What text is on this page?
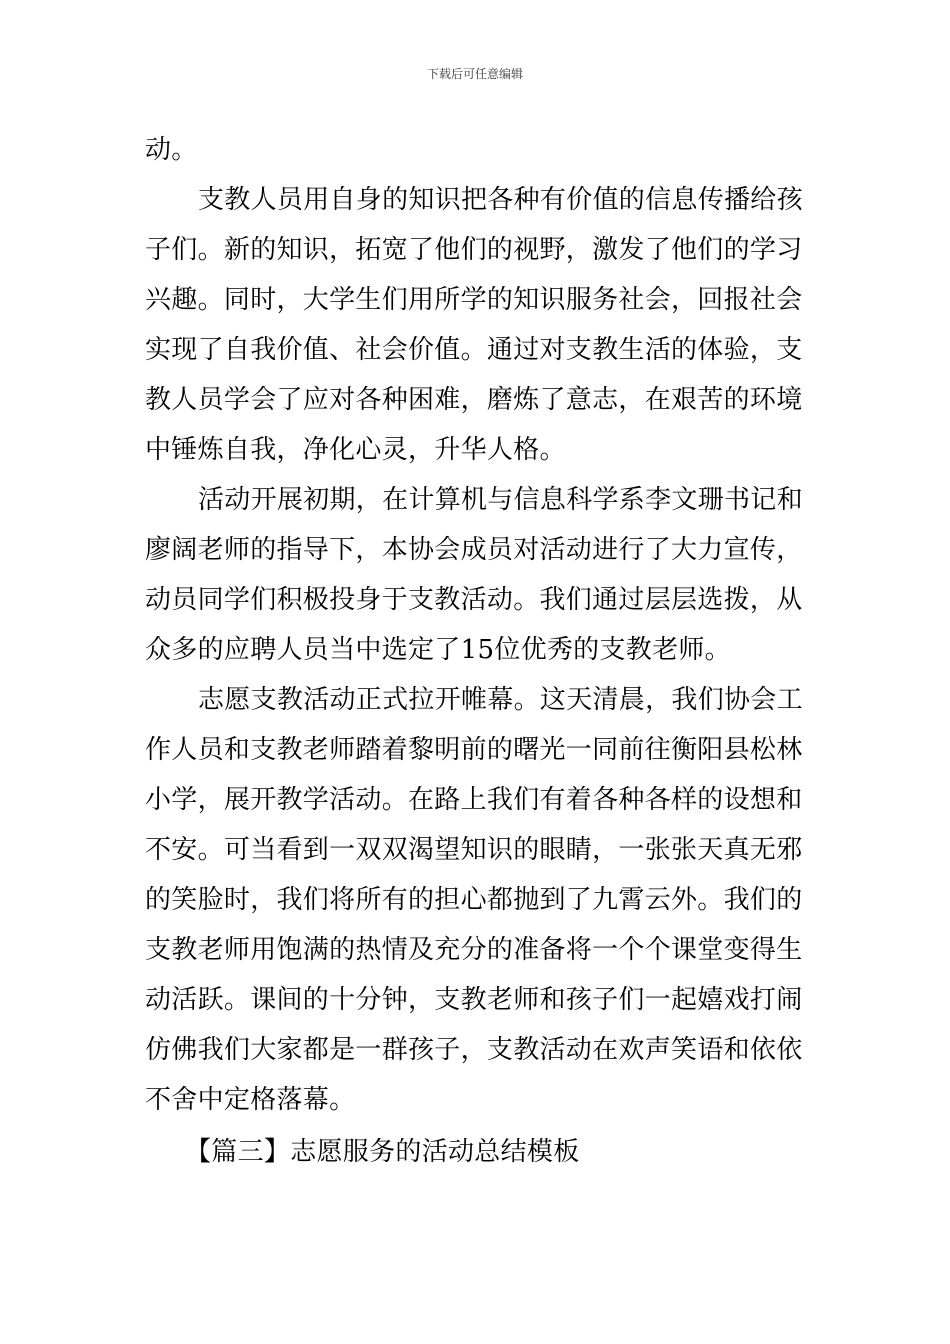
下载后可任意编辑
动。
支教人员用自身的知识把各种有价值的信息传播给孩
子们。新的知识，拓宽了他们的视野，激发了他们的学习
兴趣。同时，大学生们用所学的知识服务社会，回报社会
实现了自我价值、社会价值。通过对支教生活的体验，支
教人员学会了应对各种困难，磨炼了意志，在艰苦的环境
中锤炼自我，净化心灵，升华人格。
活动开展初期，在计算机与信息科学系李文珊书记和
廖阔老师的指导下，本协会成员对活动进行了大力宣传，
动员同学们积极投身于支教活动。我们通过层层选拨，从
众多的应聘人员当中选定了15位优秀的支教老师。
志愿支教活动正式拉开帷幕。这天清晨，我们协会工
作人员和支教老师踏着黎明前的曙光一同前往衡阳县松林
小学，展开教学活动。在路上我们有着各种各样的设想和
不安。可当看到一双双渴望知识的眼睛，一张张天真无邪
的笑脸时，我们将所有的担心都抛到了九霄云外。我们的
支教老师用饱满的热情及充分的准备将一个个课堂变得生
动活跃。课间的十分钟，支教老师和孩子们一起嬉戏打闹
仿佛我们大家都是一群孩子，支教活动在欢声笑语和依依
不舍中定格落幕。
【篇三】志愿服务的活动总结模板
